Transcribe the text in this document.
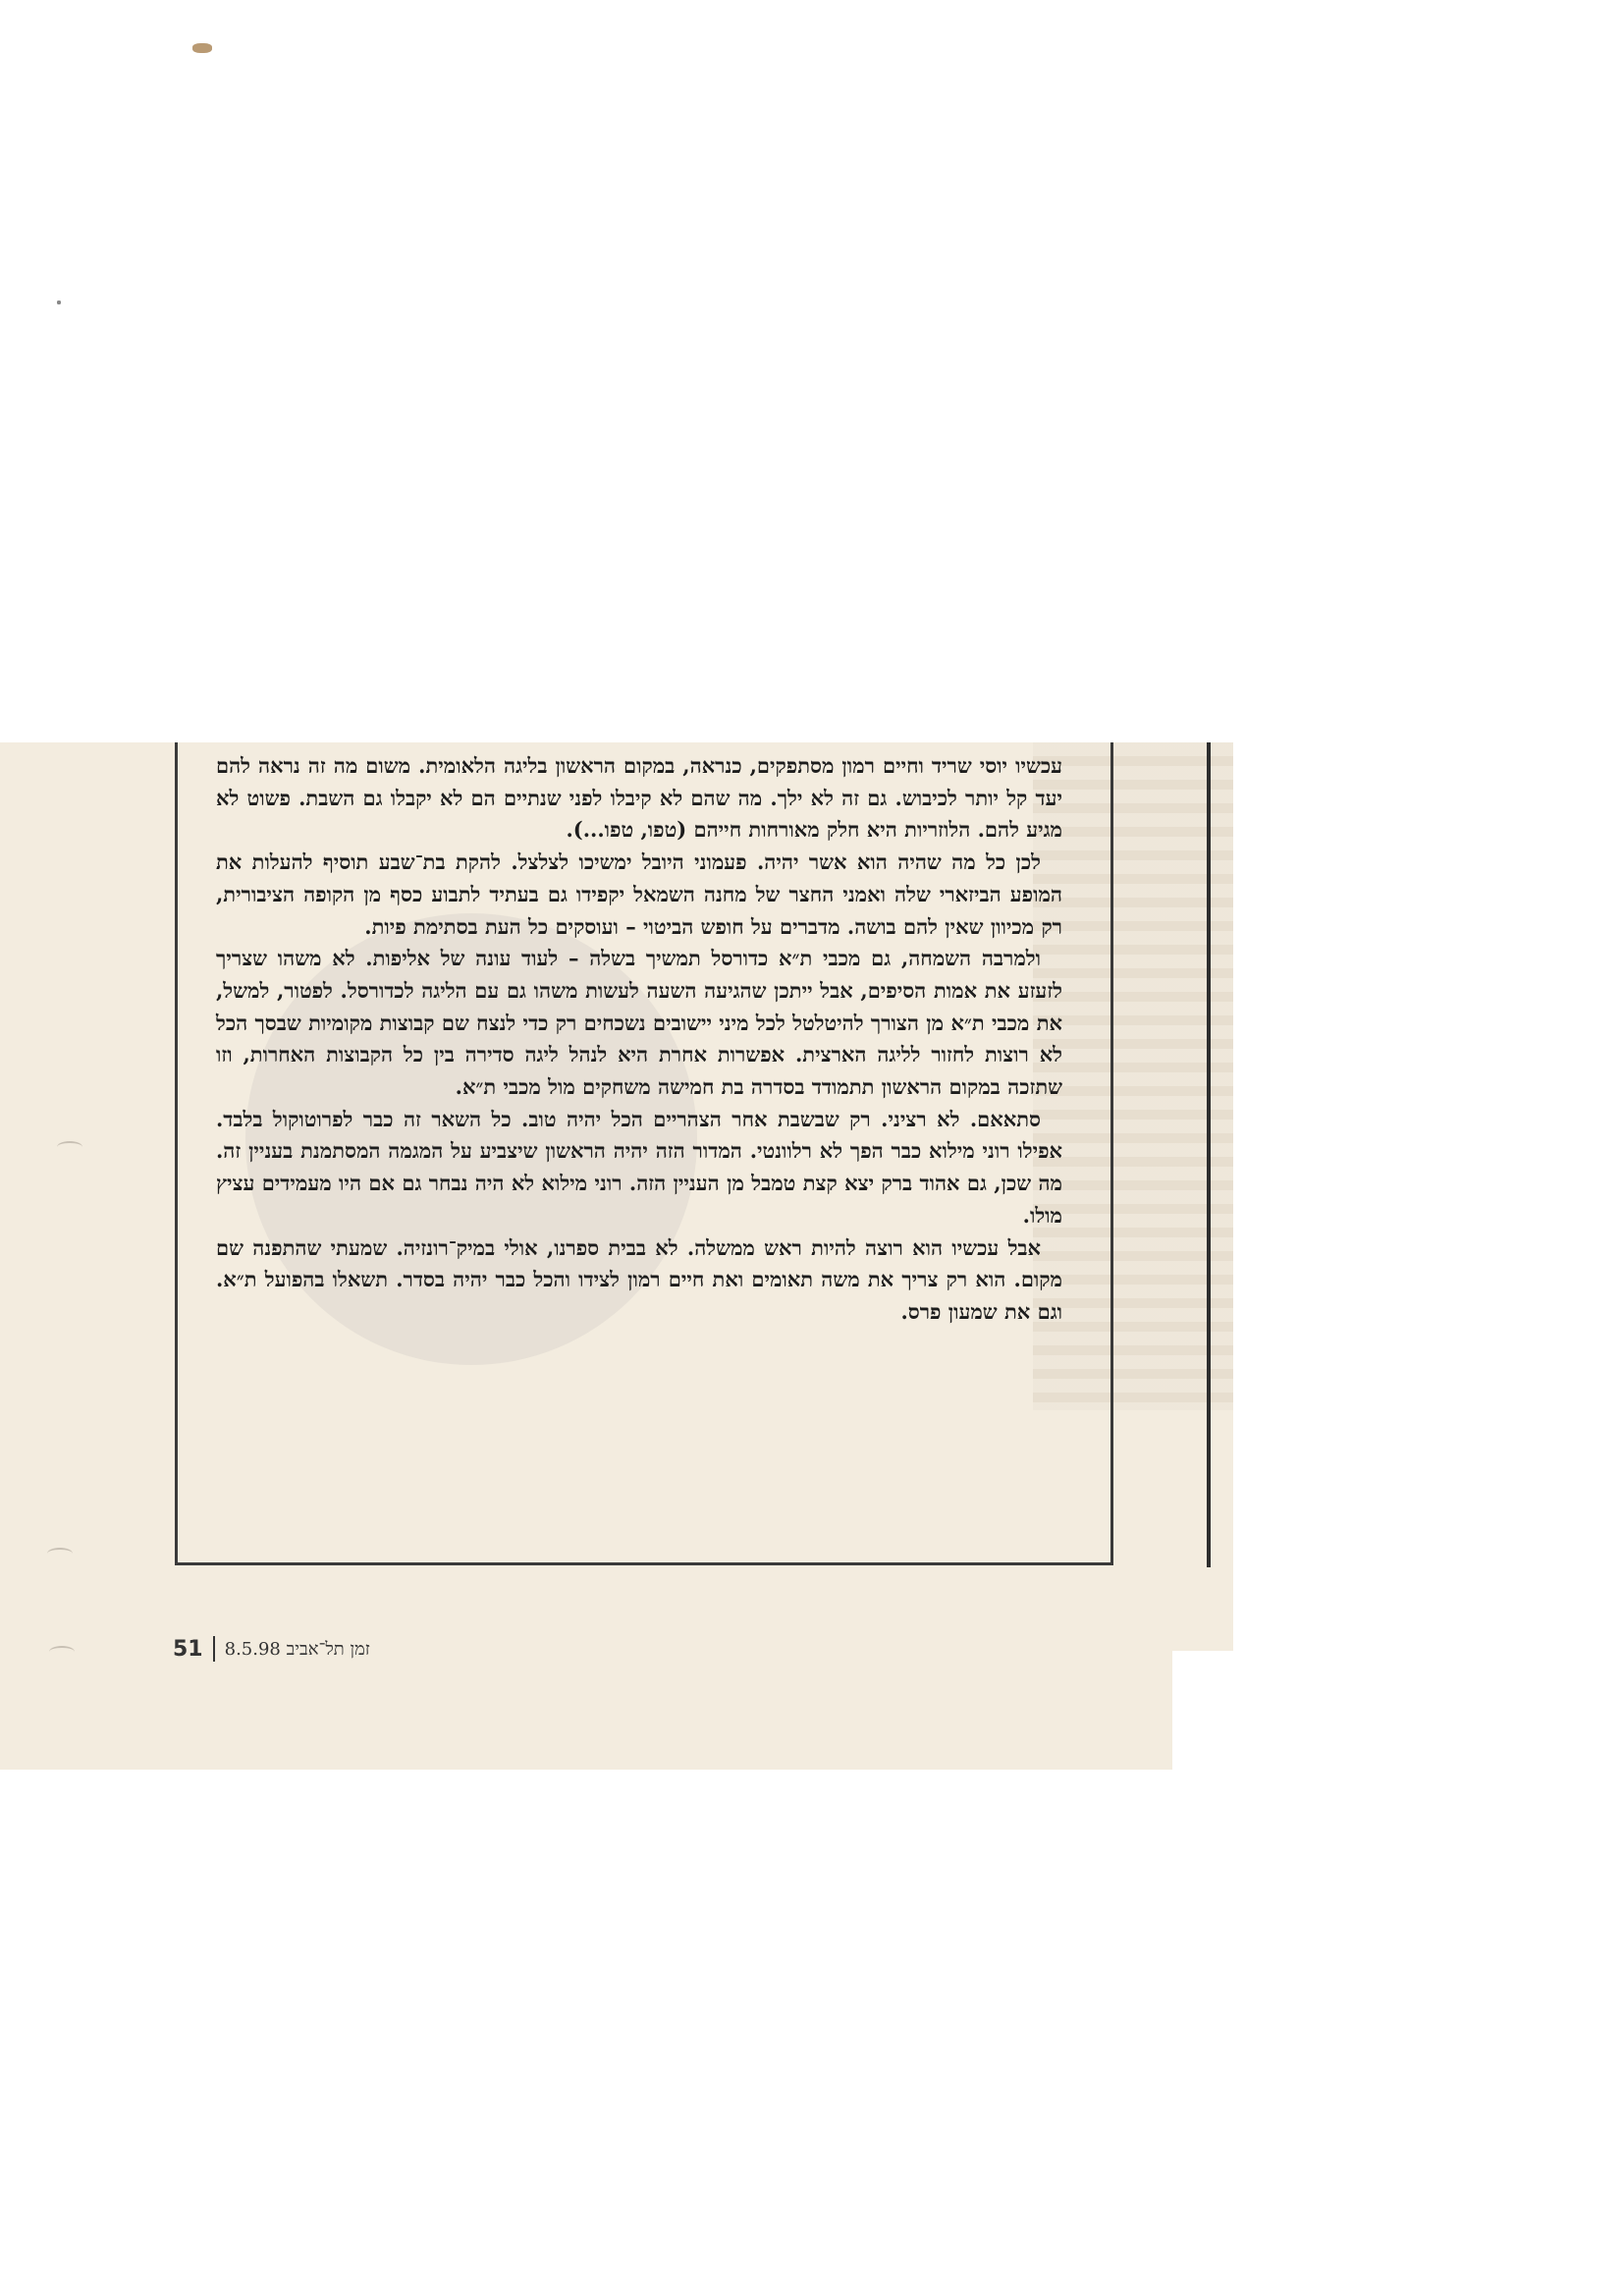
עכשיו יוסי שריד וחיים רמון מסתפקים, כנראה, במקום הראשון בליגה הלאומית. משום מה זה נראה להם יעד קל יותר לכיבוש. גם זה לא ילך. מה שהם לא קיבלו לפני שנתיים הם לא יקבלו גם השבת. פשוט לא מגיע להם. הלוזריות היא חלק מאורחות חייהם (טפו, טפו...).

לכן כל מה שהיה הוא אשר יהיה. פעמוני היובל ימשיכו לצלצל. להקת בת־שבע תוסיף להעלות את המופע הביזארי שלה ואמני החצר של מחנה השמאל יקפידו גם בעתיד לתבוע כסף מן הקופה הציבורית, רק מכיוון שאין להם בושה. מדברים על חופש הביטוי – ועוסקים כל העת בסתימת פיות.

ולמרבה השמחה, גם מכבי ת״א כדורסל תמשיך בשלה – לעוד עונה של אליפות. לא משהו שצריך לזעזע את אמות הסיפים, אבל ייתכן שהגיעה השעה לעשות משהו גם עם הליגה לכדורסל. לפטור, למשל, את מכבי ת״א מן הצורך להיטלטל לכל מיני יישובים נשכחים רק כדי לנצח שם קבוצות מקומיות שבסך הכל לא רוצות לחזור לליגה הארצית. אפשרות אחרת היא לנהל ליגה סדירה בין כל הקבוצות האחרות, וזו שתזכה במקום הראשון תתמודד בסדרה בת חמישה משחקים מול מכבי ת״א.

סתאאם. לא רציני. רק שבשבת אחר הצהריים הכל יהיה טוב. כל השאר זה כבר לפרוטוקול בלבד. אפילו רוני מילוא כבר הפך לא רלוונטי. המדור הזה יהיה הראשון שיצביע על המגמה המסתמנת בעניין זה. מה שכן, גם אהוד ברק יצא קצת טמבל מן העניין הזה. רוני מילוא לא היה נבחר גם אם היו מעמידים עציץ מולו.

אבל עכשיו הוא רוצה להיות ראש ממשלה. לא בבית ספרנו, אולי במיק־רונזיה. שמעתי שהתפנה שם מקום. הוא רק צריך את משה תאומים ואת חיים רמון לצידו והכל כבר יהיה בסדר. תשאלו בהפועל ת״א. וגם את שמעון פרס.

51	זמן תל־אביב 8.5.98
